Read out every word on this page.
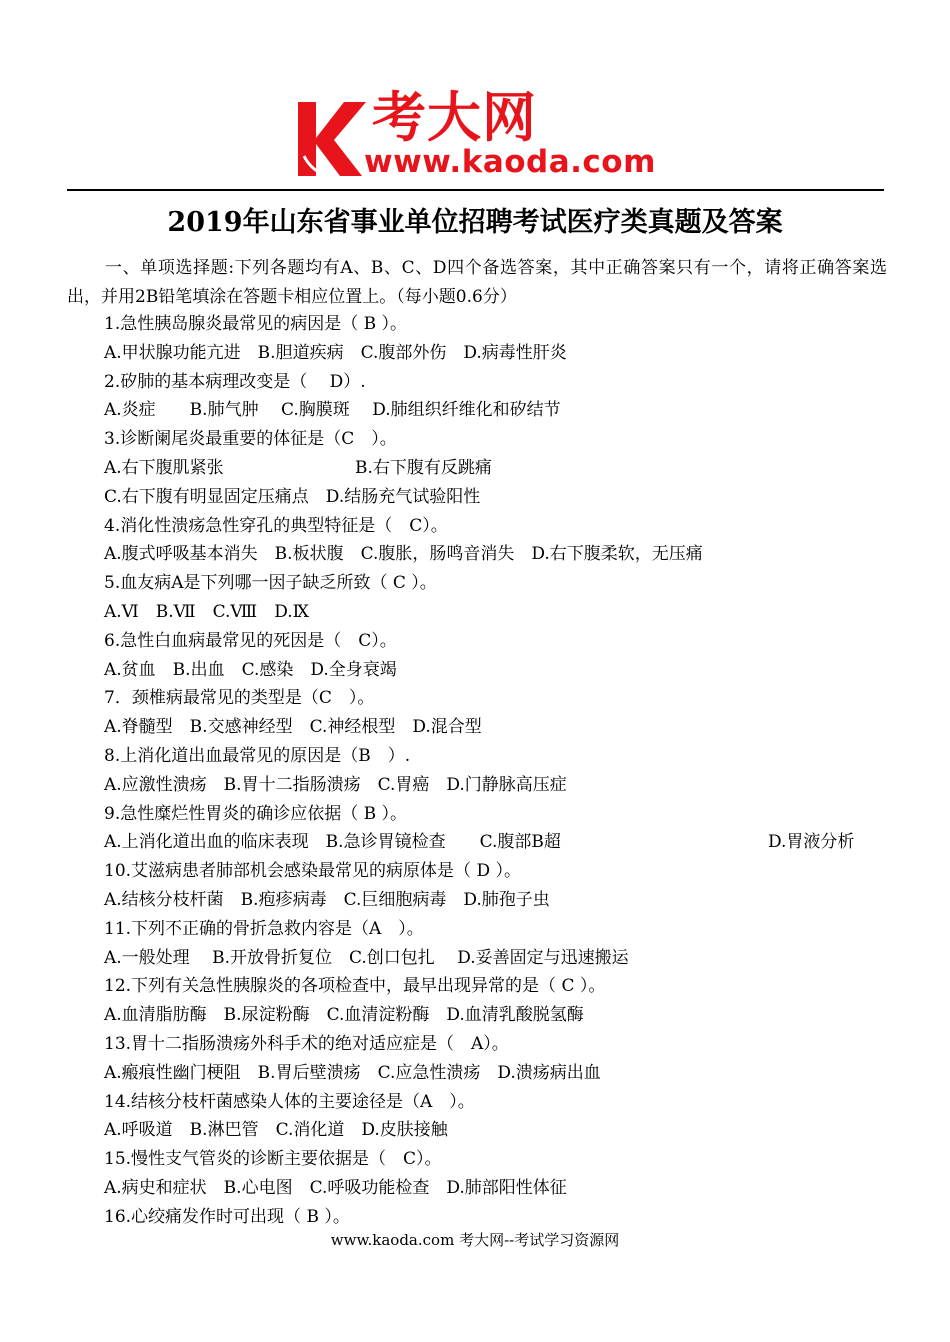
考大网
www.kaoda.com
2019年山东省事业单位招聘考试医疗类真题及答案
一、单项选择题:下列各题均有A、B、C、D四个备选答案，其中正确答案只有一个，请将正确答案选出，并用2B铅笔填涂在答题卡相应位置上。（每小题0.6分）
1.急性胰岛腺炎最常见的病因是（ B ）。
A.甲状腺功能亢进　B.胆道疾病　C.腹部外伤　D.病毒性肝炎
2.矽肺的基本病理改变是（　 D）.
A.炎症　　B.肺气肿　 C.胸膜斑　 D.肺组织纤维化和矽结节
3.诊断阑尾炎最重要的体征是（C　）。
A.右下腹肌紧张	B.右下腹有反跳痛
C.右下腹有明显固定压痛点　D.结肠充气试验阳性
4.消化性溃疡急性穿孔的典型特征是（　C）。
A.腹式呼吸基本消失　B.板状腹　C.腹胀，肠鸣音消失　D.右下腹柔软，无压痛
5.血友病A是下列哪一因子缺乏所致（ C ）。
A.Ⅵ　B.Ⅶ　C.Ⅷ　D.Ⅸ
6.急性白血病最常见的死因是（　C）。
A.贫血　B.出血　C.感染　D.全身衰竭
7．颈椎病最常见的类型是（C　）。
A.脊髓型　B.交感神经型　C.神经根型　D.混合型
8.上消化道出血最常见的原因是（B　）.
A.应激性溃疡　B.胃十二指肠溃疡　C.胃癌　D.门静脉高压症
9.急性糜烂性胃炎的确诊应依据（ B ）。
A.上消化道出血的临床表现　B.急诊胃镜检查　　C.腹部B超	D.胃液分析
10.艾滋病患者肺部机会感染最常见的病原体是（ D ）。
A.结核分枝杆菌　B.疱疹病毒　C.巨细胞病毒　D.肺孢子虫
11.下列不正确的骨折急救内容是（A　）。
A.一般处理　 B.开放骨折复位　C.创口包扎　 D.妥善固定与迅速搬运
12.下列有关急性胰腺炎的各项检查中，最早出现异常的是（ C ）。
A.血清脂肪酶　B.尿淀粉酶　C.血清淀粉酶　D.血清乳酸脱氢酶
13.胃十二指肠溃疡外科手术的绝对适应症是（　A）。
A.瘢痕性幽门梗阻　B.胃后壁溃疡　C.应急性溃疡　D.溃疡病出血
14.结核分枝杆菌感染人体的主要途径是（A　）。
A.呼吸道　B.淋巴管　C.消化道　D.皮肤接触
15.慢性支气管炎的诊断主要依据是（　C）。
A.病史和症状　B.心电图　C.呼吸功能检查　D.肺部阳性体征
16.心绞痛发作时可出现（ B ）。
www.kaoda.com 考大网--考试学习资源网
